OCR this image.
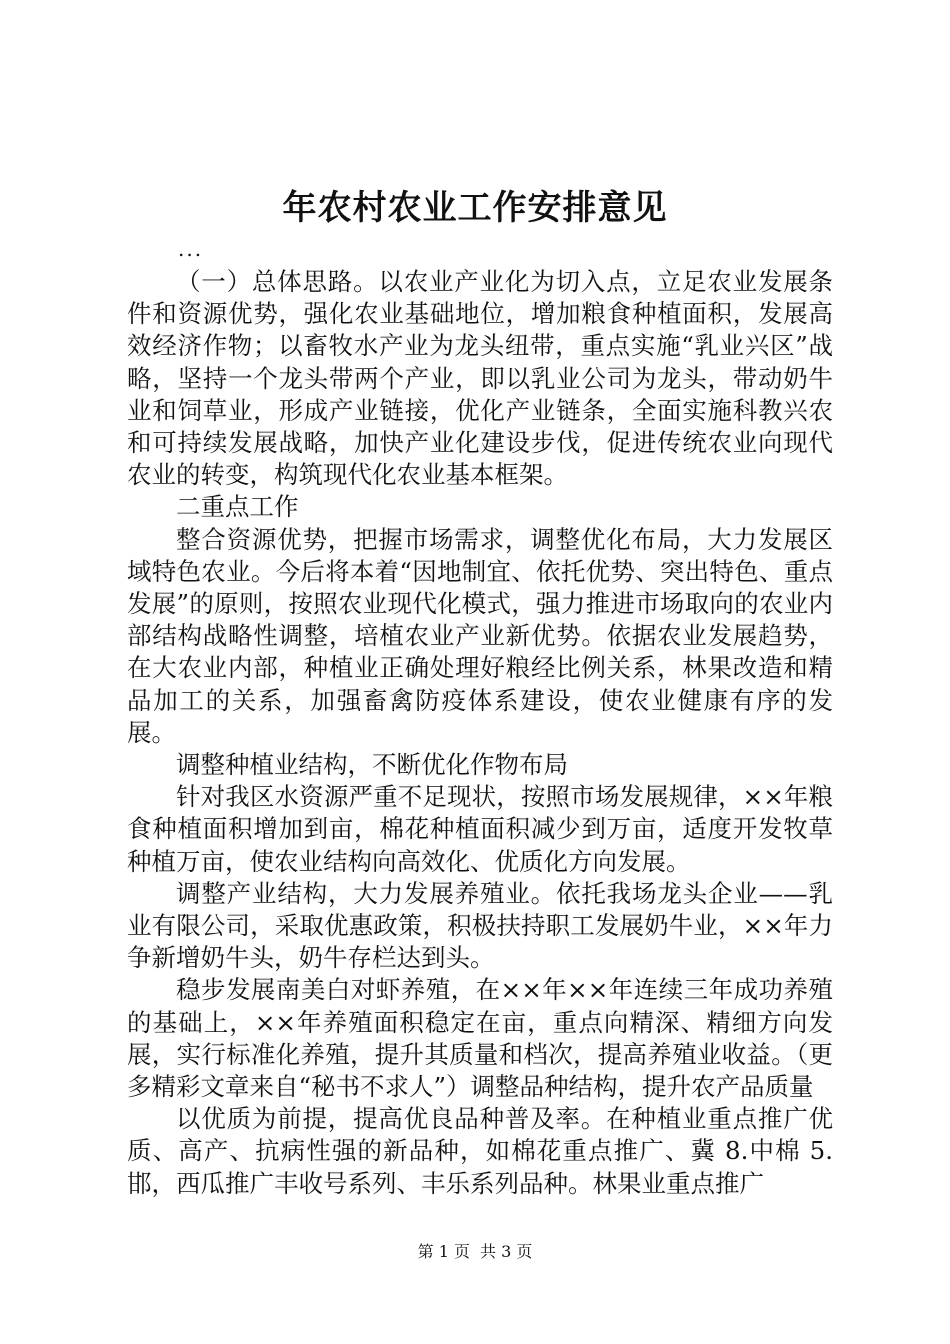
年农村农业工作安排意见
...

（一）总体思路。以农业产业化为切入点，立足农业发展条件和资源优势，强化农业基础地位，增加粮食种植面积，发展高效经济作物；以畜牧水产业为龙头纽带，重点实施“乳业兴区”战略，坚持一个龙头带两个产业，即以乳业公司为龙头，带动奶牛业和饲草业，形成产业链接，优化产业链条，全面实施科教兴农和可持续发展战略，加快产业化建设步伐，促进传统农业向现代农业的转变，构筑现代化农业基本框架。

二重点工作

整合资源优势，把握市场需求，调整优化布局，大力发展区域特色农业。今后将本着“因地制宜、依托优势、突出特色、重点发展”的原则，按照农业现代化模式，强力推进市场取向的农业内部结构战略性调整，培植农业产业新优势。依据农业发展趋势，在大农业内部，种植业正确处理好粮经比例关系，林果改造和精品加工的关系，加强畜禽防疫体系建设，使农业健康有序的发展。

调整种植业结构，不断优化作物布局

针对我区水资源严重不足现状，按照市场发展规律，××年粮食种植面积增加到亩，棉花种植面积减少到万亩，适度开发牧草种植万亩，使农业结构向高效化、优质化方向发展。

调整产业结构，大力发展养殖业。依托我场龙头企业——乳业有限公司，采取优惠政策，积极扶持职工发展奶牛业，××年力争新增奶牛头，奶牛存栏达到头。

稳步发展南美白对虾养殖，在××年××年连续三年成功养殖的基础上，××年养殖面积稳定在亩，重点向精深、精细方向发展，实行标准化养殖，提升其质量和档次，提高养殖业收益。（更多精彩文章来自“秘书不求人”）调整品种结构，提升农产品质量

以优质为前提，提高优良品种普及率。在种植业重点推广优质、高产、抗病性强的新品种，如棉花重点推广、冀 8.中棉 5.邯，西瓜推广丰收号系列、丰乐系列品种。林果业重点推广

第 1 页 共 3 页
